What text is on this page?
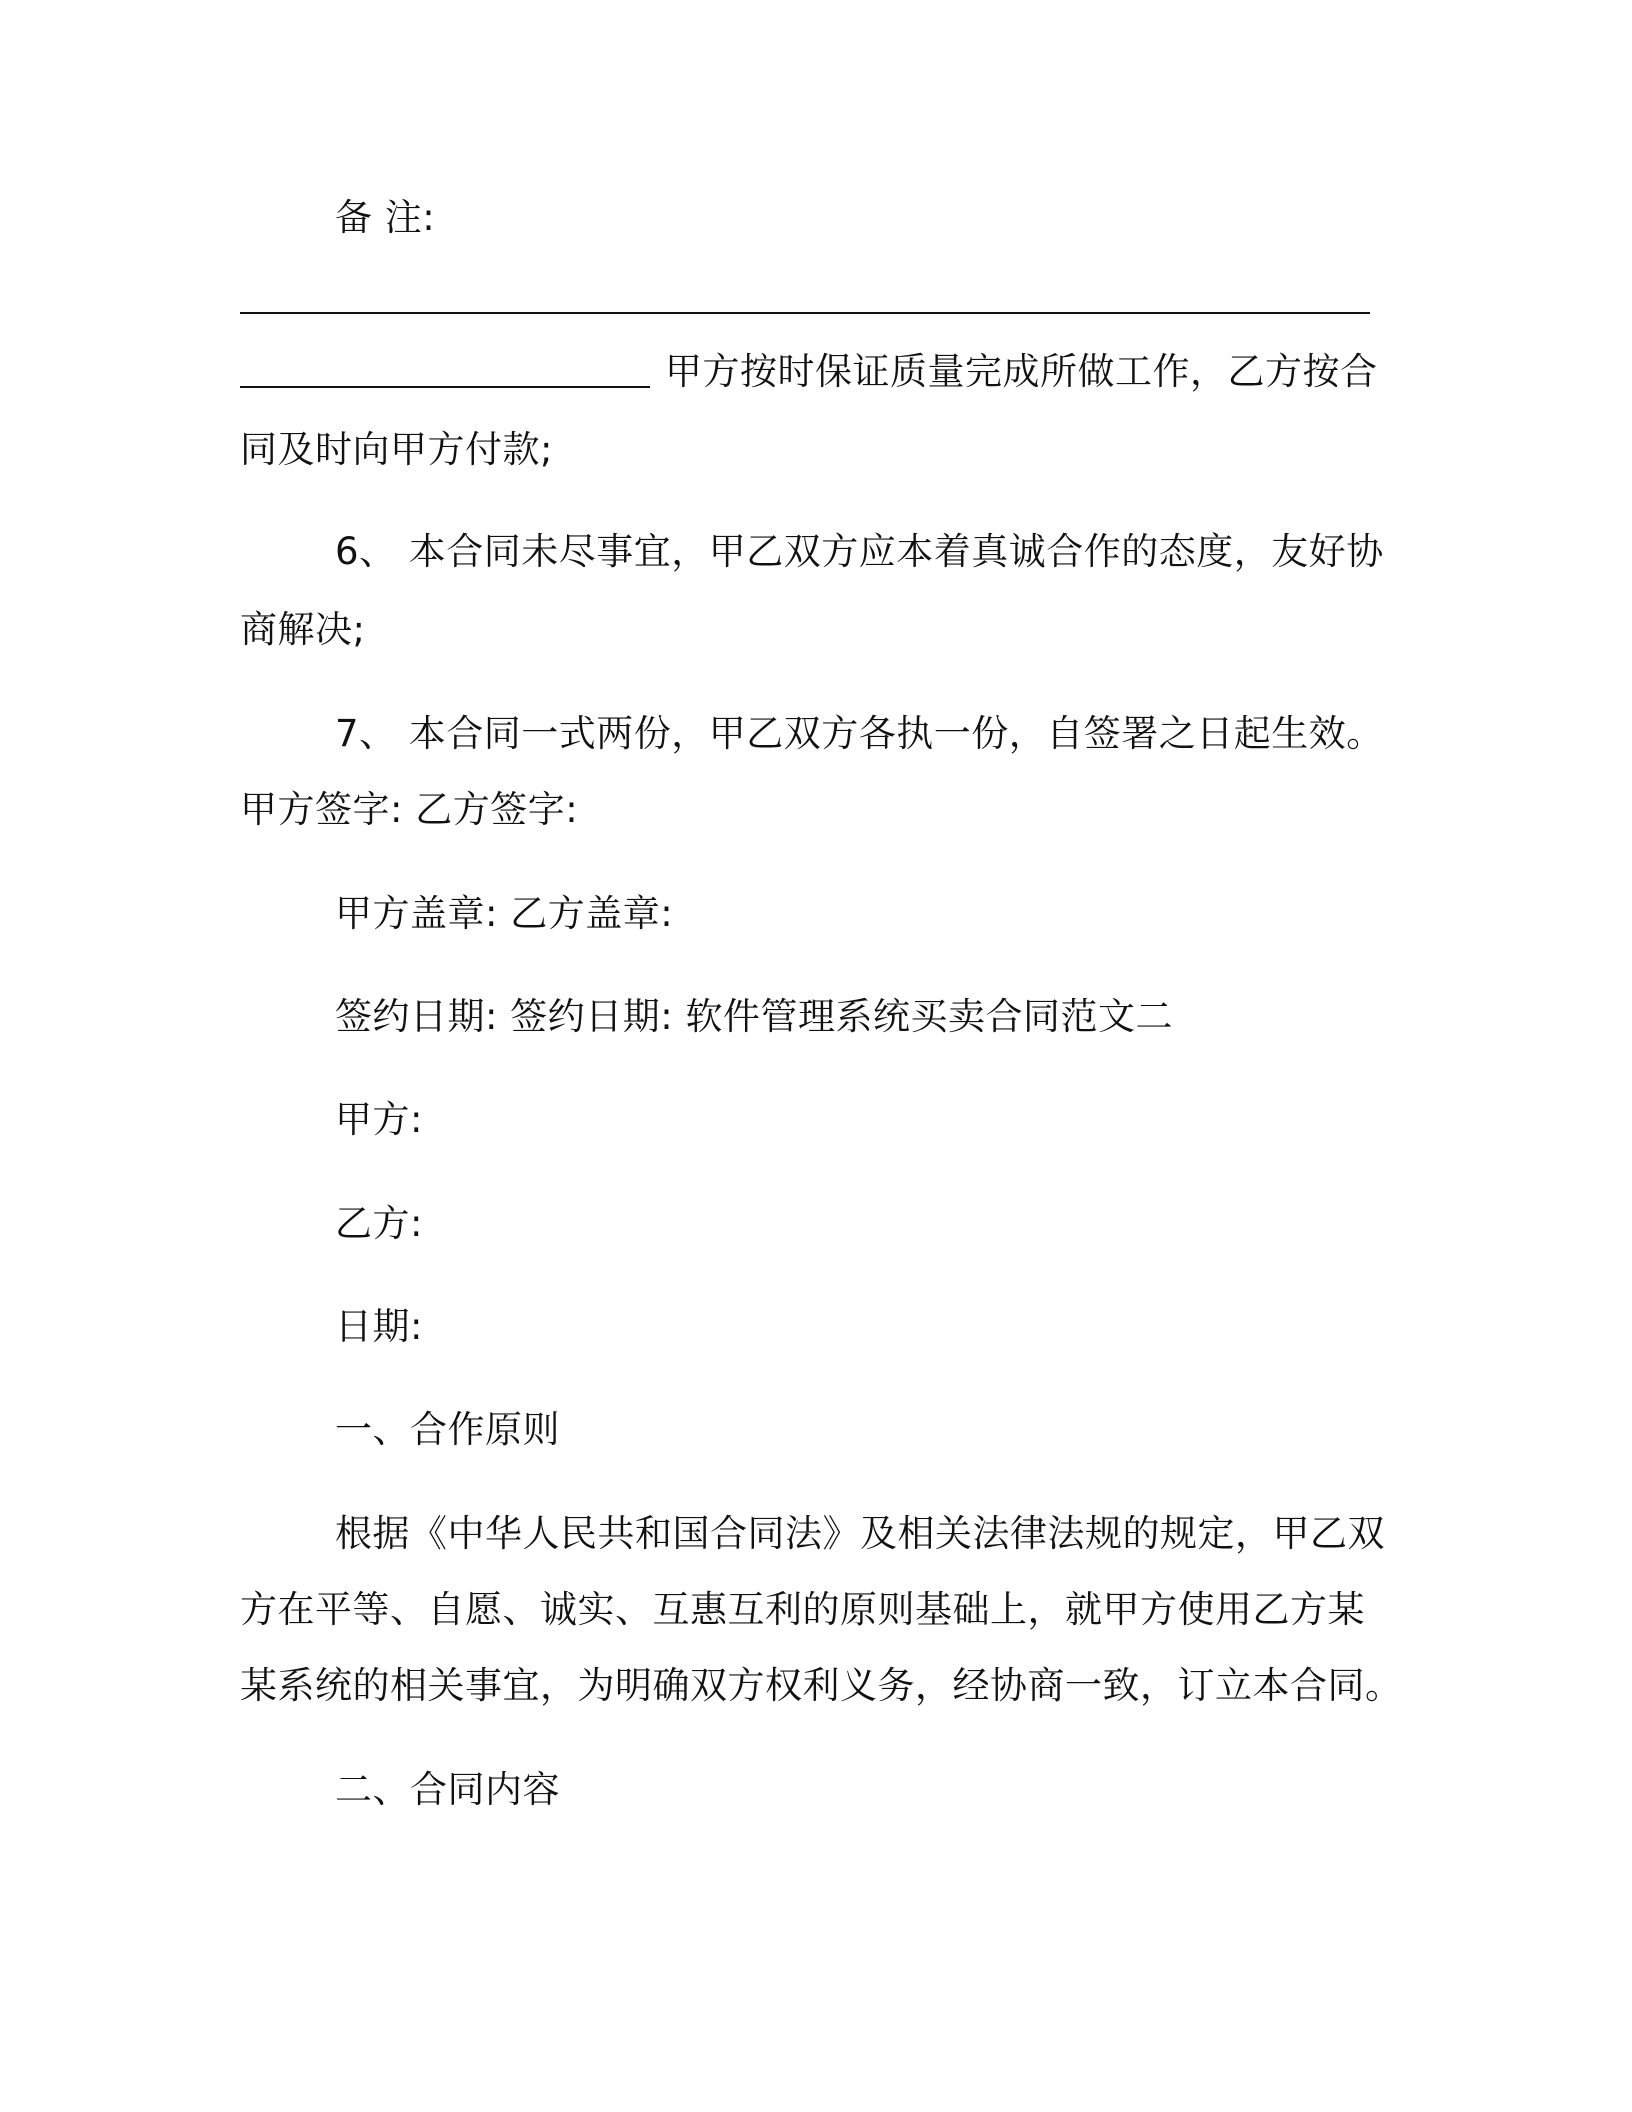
备 注:
甲方按时保证质量完成所做工作，乙方按合
同及时向甲方付款;
6、 本合同未尽事宜，甲乙双方应本着真诚合作的态度，友好协
商解决;
7、 本合同一式两份，甲乙双方各执一份，自签署之日起生效。
甲方签字: 乙方签字:
甲方盖章: 乙方盖章:
签约日期: 签约日期: 软件管理系统买卖合同范文二
甲方:
乙方:
日期:
一、合作原则
根据《中华人民共和国合同法》及相关法律法规的规定，甲乙双
方在平等、自愿、诚实、互惠互利的原则基础上，就甲方使用乙方某
某系统的相关事宜，为明确双方权利义务，经协商一致，订立本合同。
二、合同内容
